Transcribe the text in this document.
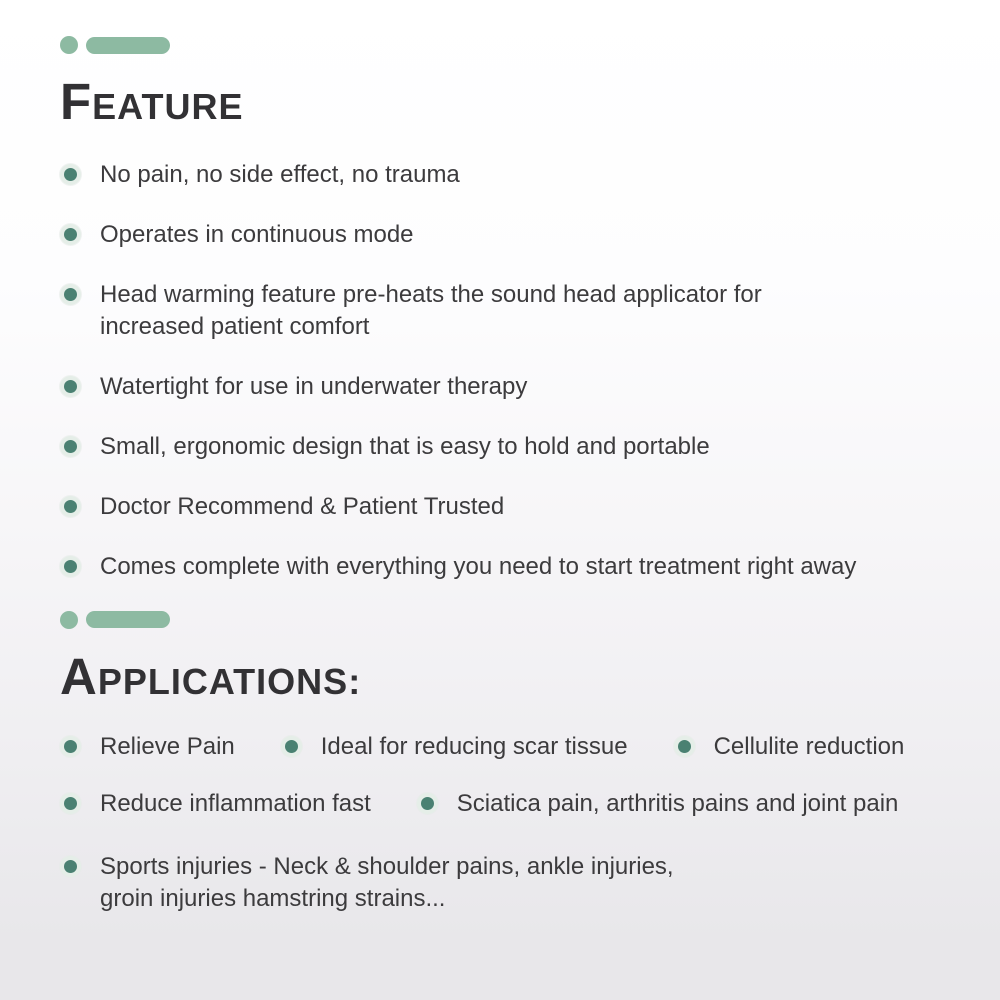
FEATURE
No pain, no side effect, no trauma
Operates in continuous mode
Head warming feature pre-heats the sound head applicator for
increased patient comfort
Watertight for use in underwater therapy
Small, ergonomic design that is easy to hold and portable
Doctor Recommend & Patient Trusted
Comes complete with everything you need to start treatment right away
APPLICATIONS:
Relieve Pain	Ideal for reducing scar tissue	Cellulite reduction
Reduce inflammation fast	Sciatica pain, arthritis pains and joint pain
Sports injuries - Neck & shoulder pains, ankle injuries,
groin injuries hamstring strains...
